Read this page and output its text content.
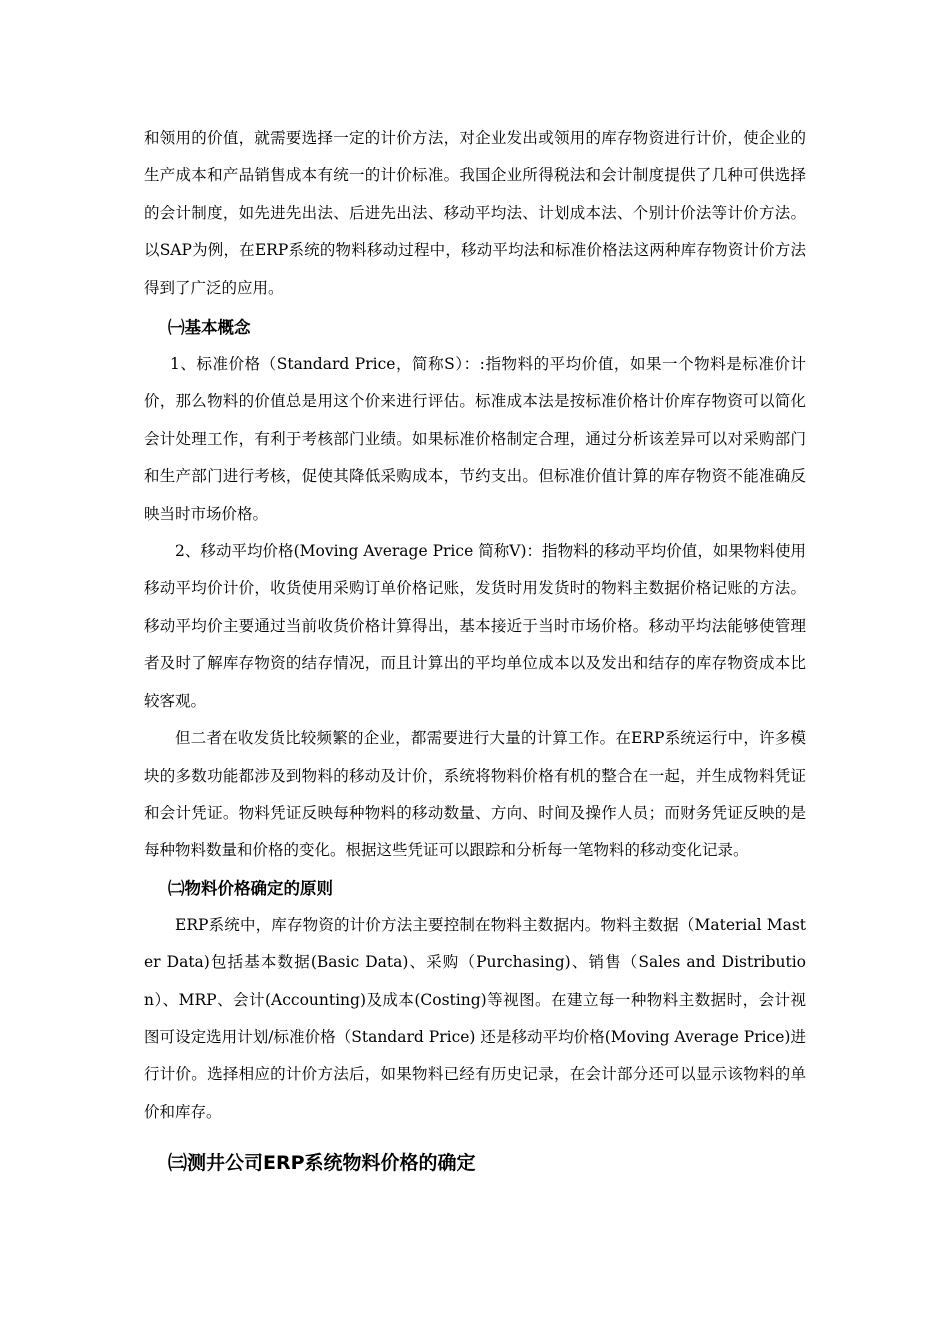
和领用的价值，就需要选择一定的计价方法，对企业发出或领用的库存物资进行计价，使企业的生产成本和产品销售成本有统一的计价标准。我国企业所得税法和会计制度提供了几种可供选择的会计制度，如先进先出法、后进先出法、移动平均法、计划成本法、个别计价法等计价方法。以SAP为例，在ERP系统的物料移动过程中，移动平均法和标准价格法这两种库存物资计价方法得到了广泛的应用。

㈠基本概念

1、标准价格（Standard Price，简称S）：:指物料的平均价值，如果一个物料是标准价计价，那么物料的价值总是用这个价来进行评估。标准成本法是按标准价格计价库存物资可以简化会计处理工作，有利于考核部门业绩。如果标准价格制定合理，通过分析该差异可以对采购部门和生产部门进行考核，促使其降低采购成本，节约支出。但标准价值计算的库存物资不能准确反映当时市场价格。

2、移动平均价格(Moving Average Price 简称V)：指物料的移动平均价值，如果物料使用移动平均价计价，收货使用采购订单价格记账，发货时用发货时的物料主数据价格记账的方法。移动平均价主要通过当前收货价格计算得出，基本接近于当时市场价格。移动平均法能够使管理者及时了解库存物资的结存情况，而且计算出的平均单位成本以及发出和结存的库存物资成本比较客观。

但二者在收发货比较频繁的企业，都需要进行大量的计算工作。在ERP系统运行中，许多模块的多数功能都涉及到物料的移动及计价，系统将物料价格有机的整合在一起，并生成物料凭证和会计凭证。物料凭证反映每种物料的移动数量、方向、时间及操作人员；而财务凭证反映的是每种物料数量和价格的变化。根据这些凭证可以跟踪和分析每一笔物料的移动变化记录。

㈡物料价格确定的原则

ERP系统中，库存物资的计价方法主要控制在物料主数据内。物料主数据（Material Master Data)包括基本数据(Basic Data)、采购（Purchasing)、销售（Sales and Distribution）、MRP、会计(Accounting)及成本(Costing)等视图。在建立每一种物料主数据时，会计视图可设定选用计划/标准价格（Standard Price) 还是移动平均价格(Moving Average Price)进行计价。选择相应的计价方法后，如果物料已经有历史记录，在会计部分还可以显示该物料的单价和库存。

㈢测井公司ERP系统物料价格的确定
